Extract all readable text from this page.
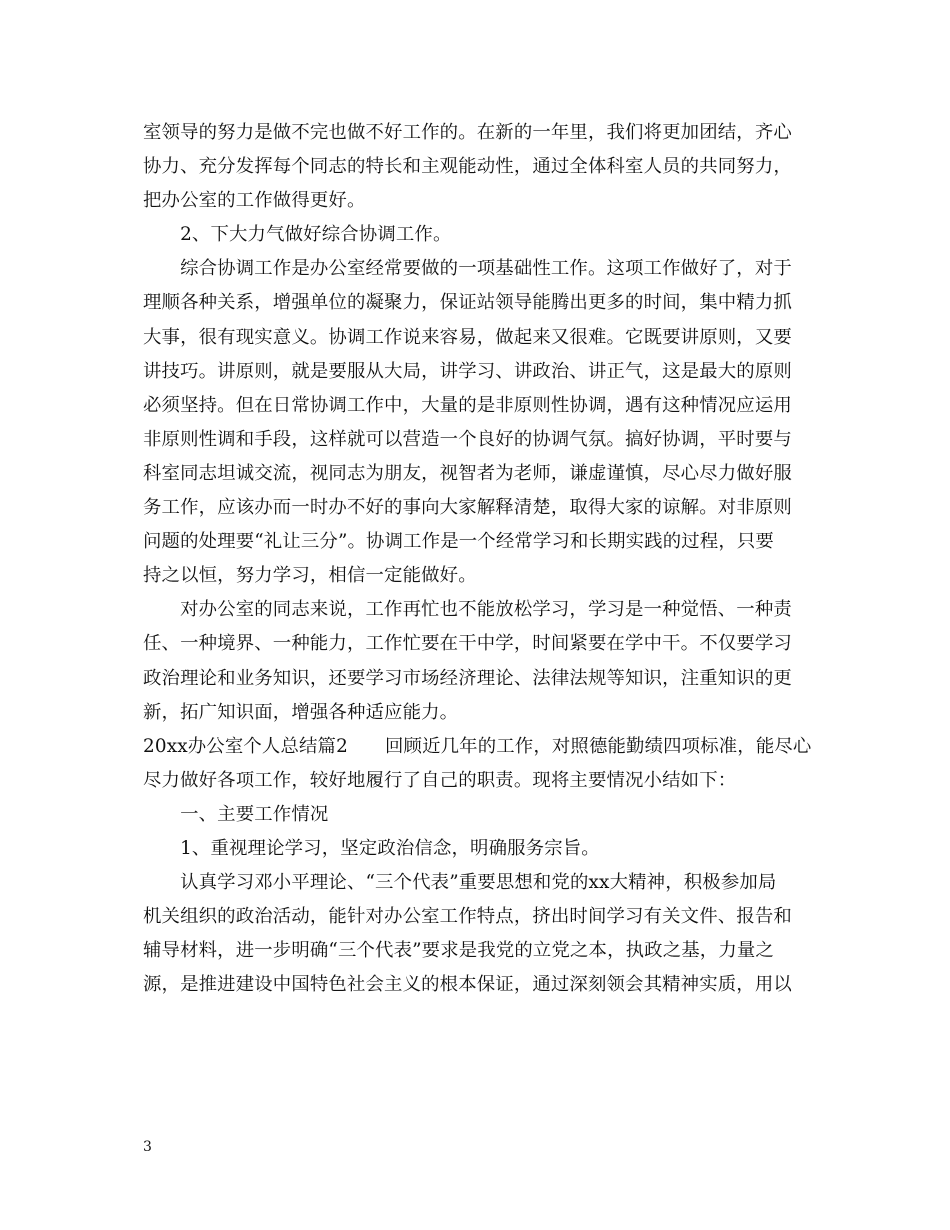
室领导的努力是做不完也做不好工作的。在新的一年里，我们将更加团结，齐心
协力、充分发挥每个同志的特长和主观能动性，通过全体科室人员的共同努力，
把办公室的工作做得更好。
　　2、下大力气做好综合协调工作。
　　综合协调工作是办公室经常要做的一项基础性工作。这项工作做好了，对于
理顺各种关系，增强单位的凝聚力，保证站领导能腾出更多的时间，集中精力抓
大事，很有现实意义。协调工作说来容易，做起来又很难。它既要讲原则，又要
讲技巧。讲原则，就是要服从大局，讲学习、讲政治、讲正气，这是最大的原则
必须坚持。但在日常协调工作中，大量的是非原则性协调，遇有这种情况应运用
非原则性调和手段，这样就可以营造一个良好的协调气氛。搞好协调，平时要与
科室同志坦诚交流，视同志为朋友，视智者为老师，谦虚谨慎，尽心尽力做好服
务工作，应该办而一时办不好的事向大家解释清楚，取得大家的谅解。对非原则
问题的处理要“礼让三分”。协调工作是一个经常学习和长期实践的过程，只要
持之以恒，努力学习，相信一定能做好。
　　对办公室的同志来说，工作再忙也不能放松学习，学习是一种觉悟、一种责
任、一种境界、一种能力，工作忙要在干中学，时间紧要在学中干。不仅要学习
政治理论和业务知识，还要学习市场经济理论、法律法规等知识，注重知识的更
新，拓广知识面，增强各种适应能力。
20xx办公室个人总结篇2　　回顾近几年的工作，对照德能勤绩四项标准，能尽心
尽力做好各项工作，较好地履行了自己的职责。现将主要情况小结如下：
　　一、主要工作情况
　　1、重视理论学习，坚定政治信念，明确服务宗旨。
　　认真学习邓小平理论、“三个代表”重要思想和党的xx大精神，积极参加局
机关组织的政治活动，能针对办公室工作特点，挤出时间学习有关文件、报告和
辅导材料，进一步明确“三个代表”要求是我党的立党之本，执政之基，力量之
源，是推进建设中国特色社会主义的根本保证，通过深刻领会其精神实质，用以
3
